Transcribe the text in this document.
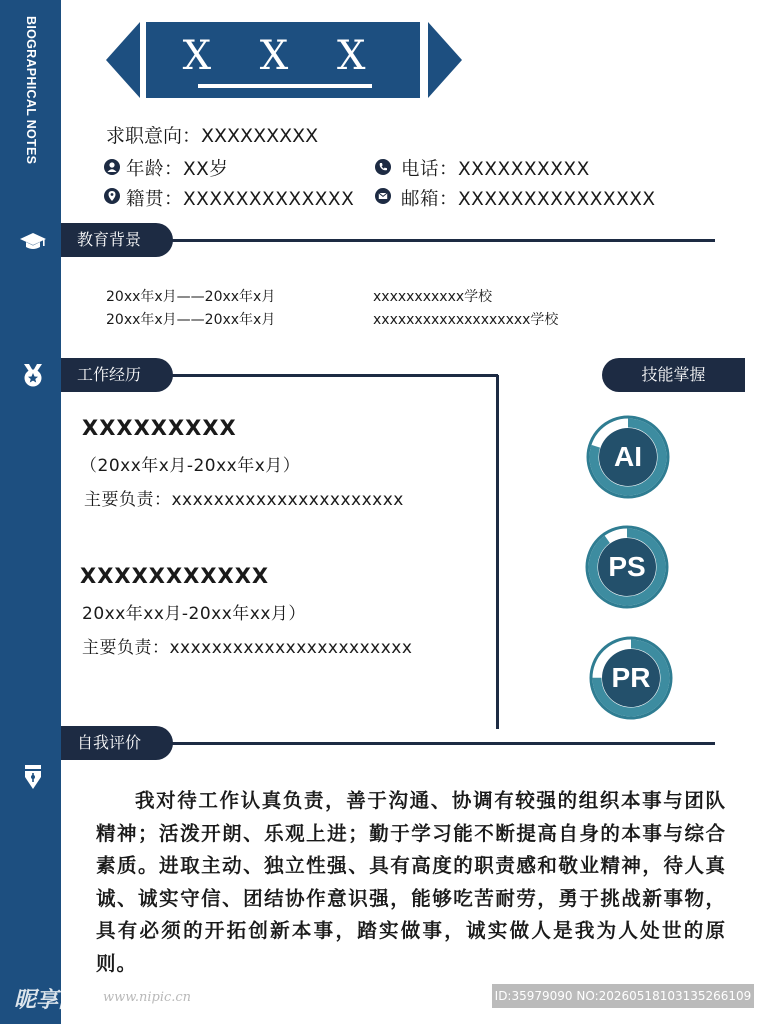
BIOGRAPHICAL NOTES	X X X
求职意向：XXXXXXXXX
年龄：XX岁	电话：XXXXXXXXXX
籍贯：XXXXXXXXXXXXX	邮箱：XXXXXXXXXXXXXXX
教育背景
20xx年x月——20xx年x月	xxxxxxxxxxx学校
20xx年x月——20xx年x月	xxxxxxxxxxxxxxxxxxx学校
工作经历
XXXXXXXXX
（20xx年x月-20xx年x月）
主要负责：xxxxxxxxxxxxxxxxxxxxxx
XXXXXXXXXXX
20xx年xx月-20xx年xx月）
主要负责：xxxxxxxxxxxxxxxxxxxxxxx
技能掌握
AI
PS
PR
自我评价
我对待工作认真负责，善于沟通、协调有较强的组织本事与团队精神；活泼开朗、乐观上进；勤于学习能不断提高自身的本事与综合素质。进取主动、独立性强、具有高度的职责感和敬业精神，待人真诚、诚实守信、团结协作意识强，能够吃苦耐劳，勇于挑战新事物，具有必须的开拓创新本事，踏实做事，诚实做人是我为人处世的原则。
昵享网 www.nipic.cn	ID:35979090 NO:20260518103135266109
